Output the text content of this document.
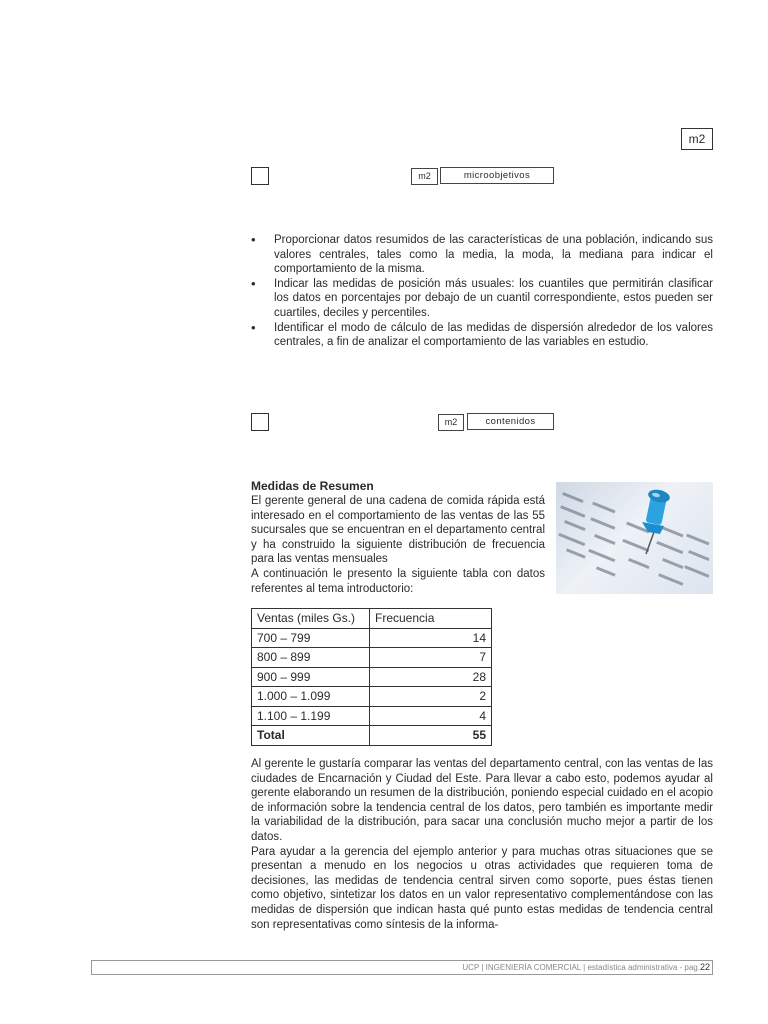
m2
m2	microobjetivos
• Proporcionar datos resumidos de las características de una población, indicando sus valores centrales, tales como la media, la moda, la mediana para indicar el comportamiento de la misma.
• Indicar las medidas de posición más usuales: los cuantiles que permitirán clasificar los datos en porcentajes por debajo de un cuantil correspondiente, estos pueden ser cuartiles, deciles y percentiles.
• Identificar el modo de cálculo de las medidas de dispersión alrededor de los valores centrales, a fin de analizar el comportamiento de las variables en estudio.
m2	contenidos
Medidas de Resumen
El gerente general de una cadena de comida rápida está interesado en el comportamiento de las ventas de las 55 sucursales que se encuentran en el departamento central y ha construido la siguiente distribución de frecuencia para las ventas mensuales
A continuación le presento la siguiente tabla con datos referentes al tema introductorio:
Ventas (miles Gs.)	Frecuencia
700 – 799	14
800 – 899	7
900 – 999	28
1.000 – 1.099	2
1.100 – 1.199	4
Total	55

Al gerente le gustaría comparar las ventas del departamento central, con las ventas de las ciudades de Encarnación y Ciudad del Este. Para llevar a cabo esto, podemos ayudar al gerente elaborando un resumen de la distribución, poniendo especial cuidado en el acopio de información sobre la tendencia central de los datos, pero también es importante medir la variabilidad de la distribución, para sacar una conclusión mucho mejor a partir de los datos.

Para ayudar a la gerencia del ejemplo anterior y para muchas otras situaciones que se presentan a menudo en los negocios u otras actividades que requieren toma de decisiones, las medidas de tendencia central sirven como soporte, pues éstas tienen como objetivo, sintetizar los datos en un valor representativo complementándose con las medidas de dispersión que indican hasta qué punto estas medidas de tendencia central son representativas como síntesis de la informa-

UCP | INGENIERÍA COMERCIAL | estadística administrativa - pag.22
